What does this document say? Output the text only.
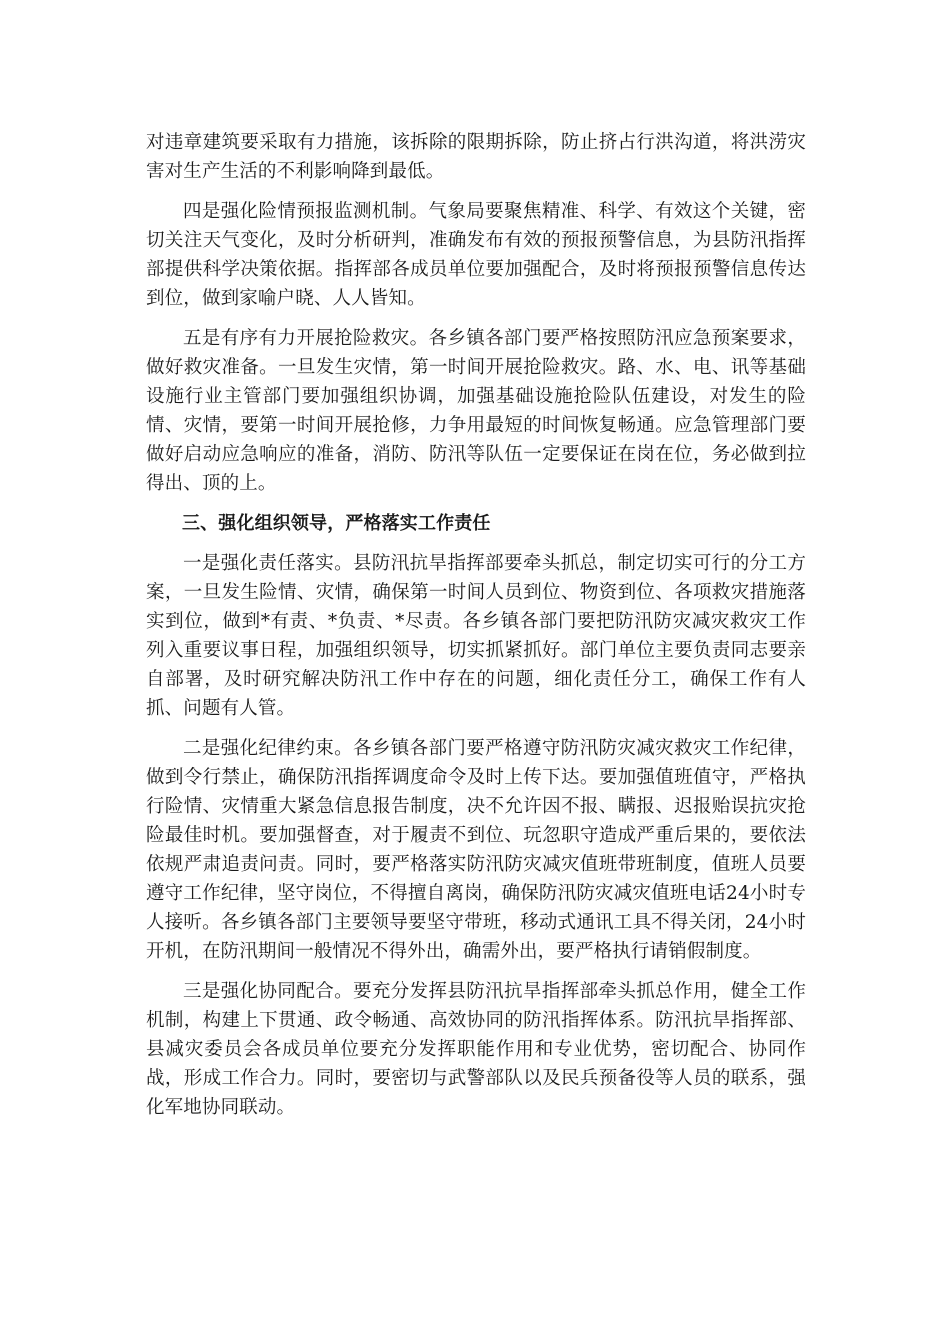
对违章建筑要采取有力措施，该拆除的限期拆除，防止挤占行洪沟道，将洪涝灾害对生产生活的不利影响降到最低。

四是强化险情预报监测机制。气象局要聚焦精准、科学、有效这个关键，密切关注天气变化，及时分析研判，准确发布有效的预报预警信息，为县防汛指挥部提供科学决策依据。指挥部各成员单位要加强配合，及时将预报预警信息传达到位，做到家喻户晓、人人皆知。

五是有序有力开展抢险救灾。各乡镇各部门要严格按照防汛应急预案要求，做好救灾准备。一旦发生灾情，第一时间开展抢险救灾。路、水、电、讯等基础设施行业主管部门要加强组织协调，加强基础设施抢险队伍建设，对发生的险情、灾情，要第一时间开展抢修，力争用最短的时间恢复畅通。应急管理部门要做好启动应急响应的准备，消防、防汛等队伍一定要保证在岗在位，务必做到拉得出、顶的上。

三、强化组织领导，严格落实工作责任

一是强化责任落实。县防汛抗旱指挥部要牵头抓总，制定切实可行的分工方案，一旦发生险情、灾情，确保第一时间人员到位、物资到位、各项救灾措施落实到位，做到*有责、*负责、*尽责。各乡镇各部门要把防汛防灾减灾救灾工作列入重要议事日程，加强组织领导，切实抓紧抓好。部门单位主要负责同志要亲自部署，及时研究解决防汛工作中存在的问题，细化责任分工，确保工作有人抓、问题有人管。

二是强化纪律约束。各乡镇各部门要严格遵守防汛防灾减灾救灾工作纪律，做到令行禁止，确保防汛指挥调度命令及时上传下达。要加强值班值守，严格执行险情、灾情重大紧急信息报告制度，决不允许因不报、瞒报、迟报贻误抗灾抢险最佳时机。要加强督查，对于履责不到位、玩忽职守造成严重后果的，要依法依规严肃追责问责。同时，要严格落实防汛防灾减灾值班带班制度，值班人员要遵守工作纪律，坚守岗位，不得擅自离岗，确保防汛防灾减灾值班电话24小时专人接听。各乡镇各部门主要领导要坚守带班，移动式通讯工具不得关闭，24小时开机，在防汛期间一般情况不得外出，确需外出，要严格执行请销假制度。

三是强化协同配合。要充分发挥县防汛抗旱指挥部牵头抓总作用，健全工作机制，构建上下贯通、政令畅通、高效协同的防汛指挥体系。防汛抗旱指挥部、县减灾委员会各成员单位要充分发挥职能作用和专业优势，密切配合、协同作战，形成工作合力。同时，要密切与武警部队以及民兵预备役等人员的联系，强化军地协同联动。
